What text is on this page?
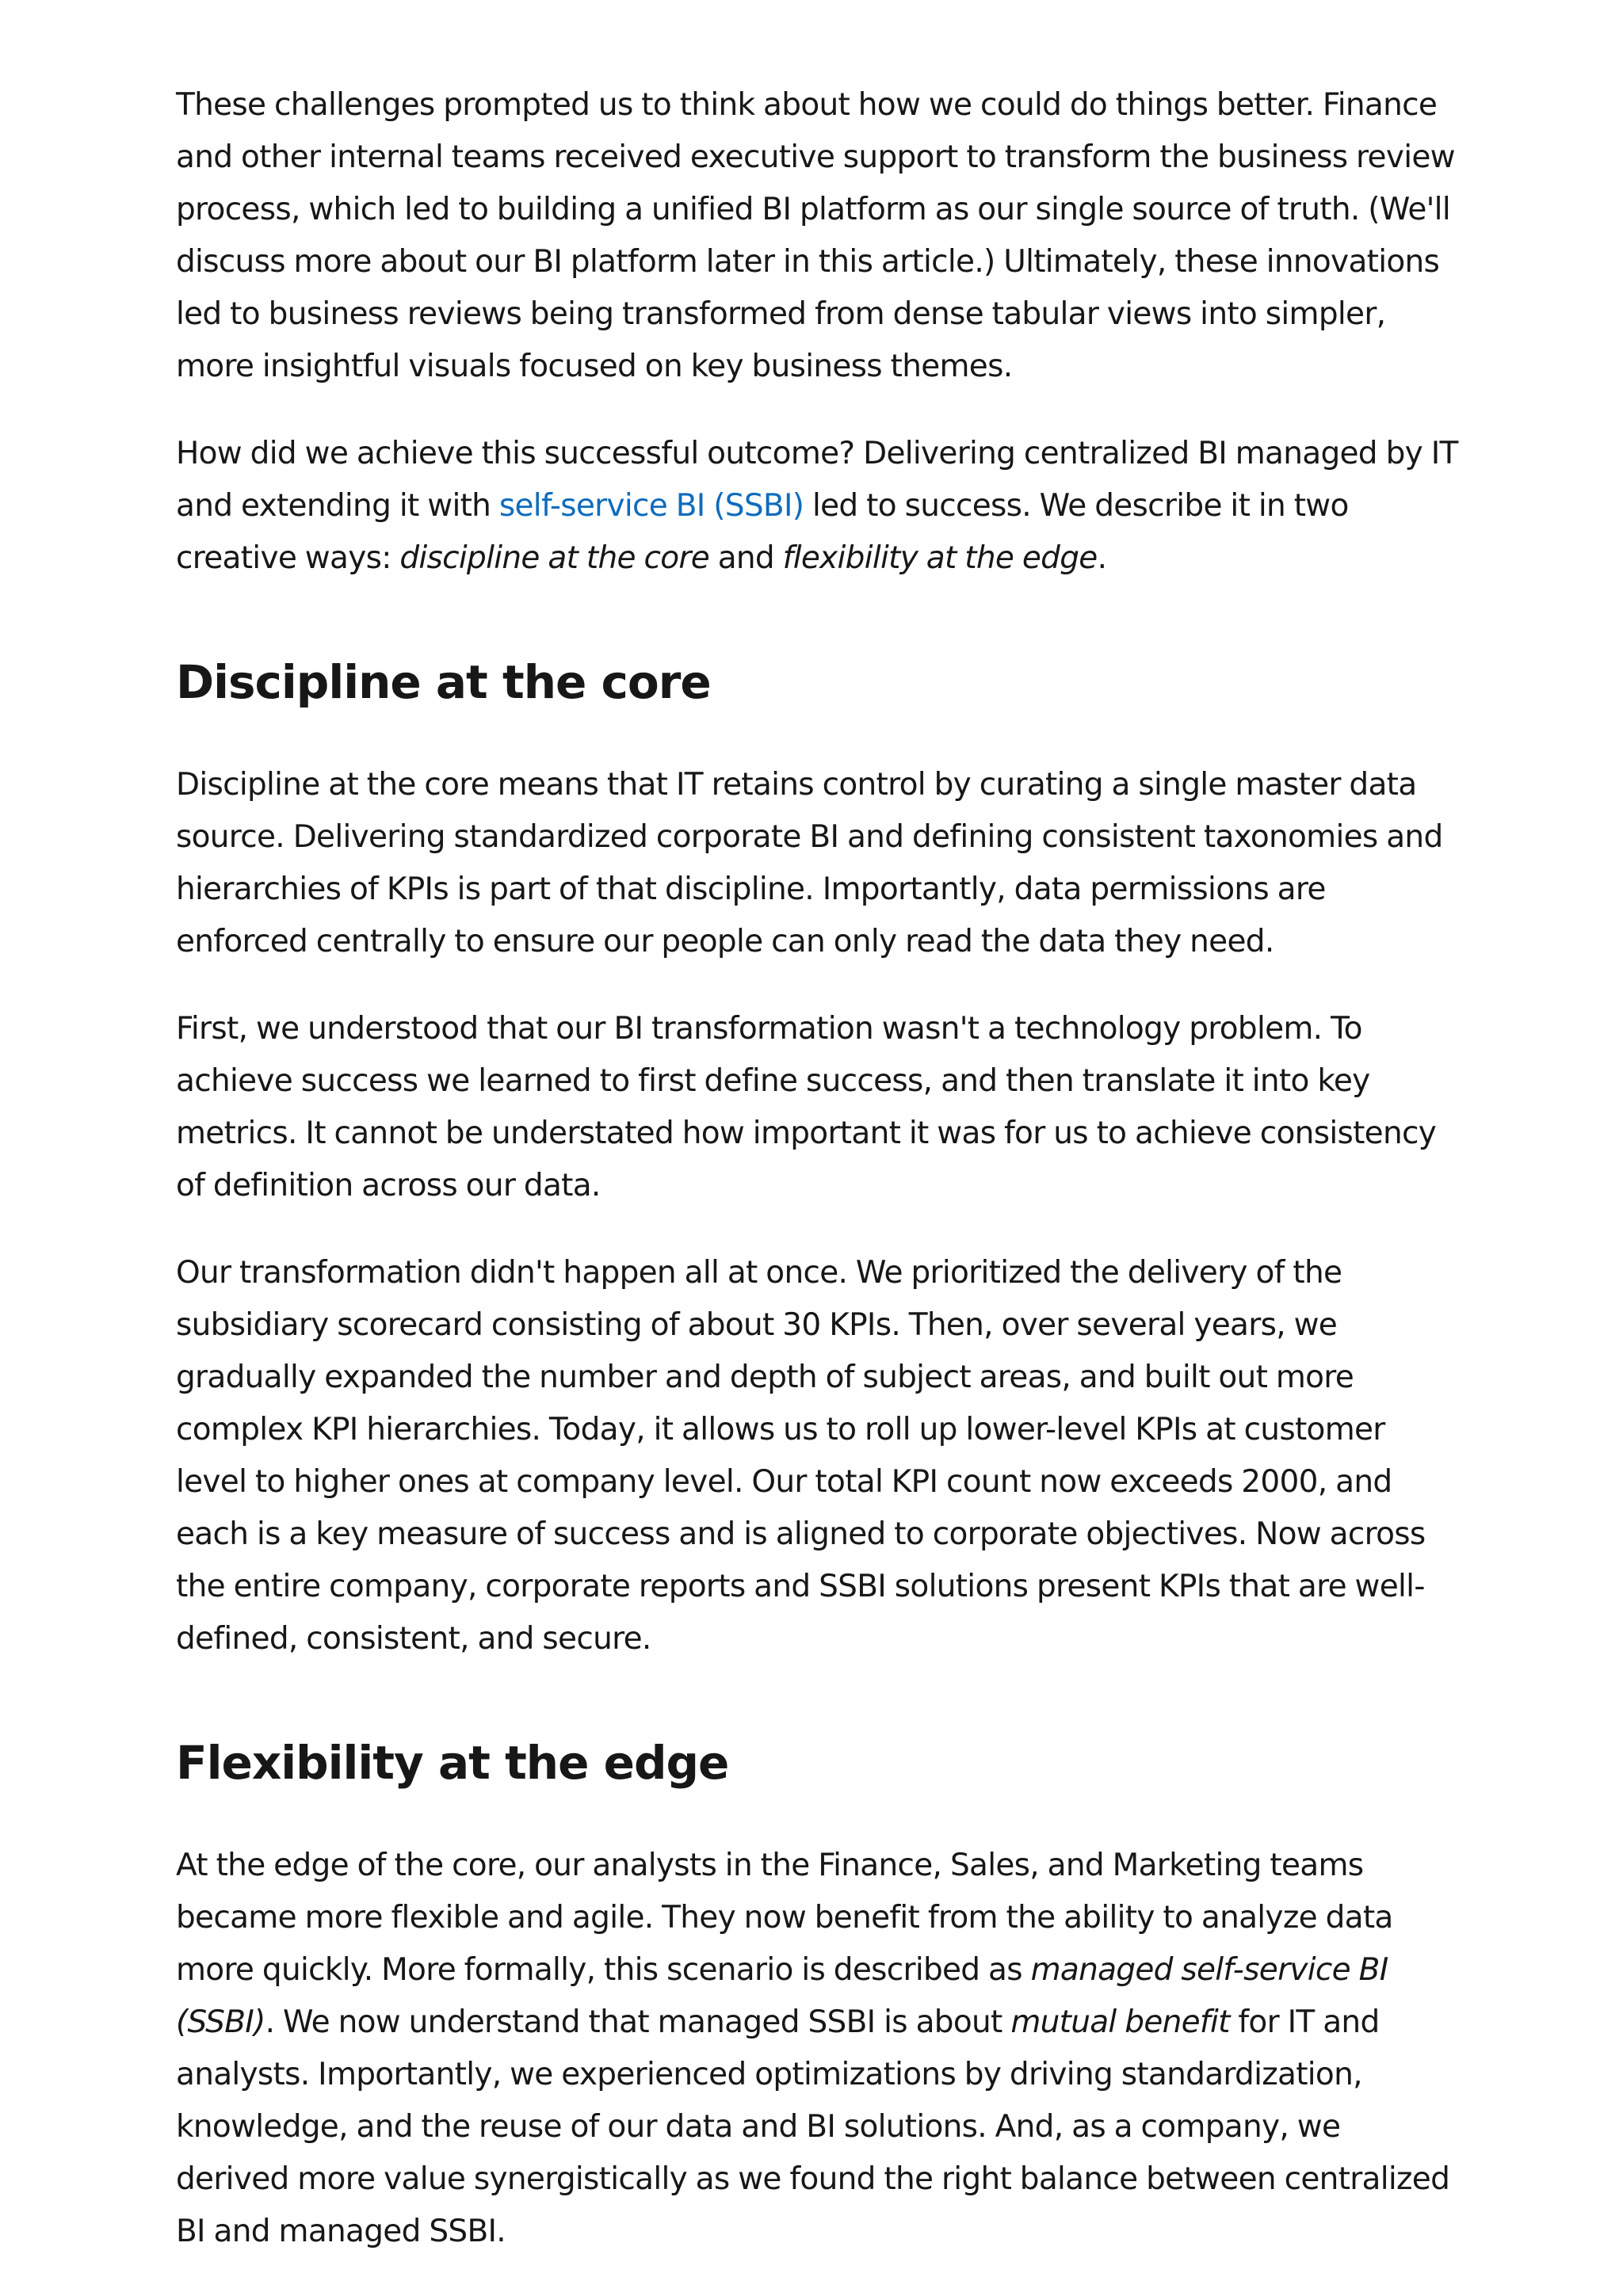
These challenges prompted us to think about how we could do things better. Finance and other internal teams received executive support to transform the business review process, which led to building a unified BI platform as our single source of truth. (We'll discuss more about our BI platform later in this article.) Ultimately, these innovations led to business reviews being transformed from dense tabular views into simpler, more insightful visuals focused on key business themes.

How did we achieve this successful outcome? Delivering centralized BI managed by IT and extending it with self-service BI (SSBI) led to success. We describe it in two creative ways: discipline at the core and flexibility at the edge.

Discipline at the core

Discipline at the core means that IT retains control by curating a single master data source. Delivering standardized corporate BI and defining consistent taxonomies and hierarchies of KPIs is part of that discipline. Importantly, data permissions are enforced centrally to ensure our people can only read the data they need.

First, we understood that our BI transformation wasn't a technology problem. To achieve success we learned to first define success, and then translate it into key metrics. It cannot be understated how important it was for us to achieve consistency of definition across our data.

Our transformation didn't happen all at once. We prioritized the delivery of the subsidiary scorecard consisting of about 30 KPIs. Then, over several years, we gradually expanded the number and depth of subject areas, and built out more complex KPI hierarchies. Today, it allows us to roll up lower-level KPIs at customer level to higher ones at company level. Our total KPI count now exceeds 2000, and each is a key measure of success and is aligned to corporate objectives. Now across the entire company, corporate reports and SSBI solutions present KPIs that are well-defined, consistent, and secure.

Flexibility at the edge

At the edge of the core, our analysts in the Finance, Sales, and Marketing teams became more flexible and agile. They now benefit from the ability to analyze data more quickly. More formally, this scenario is described as managed self-service BI (SSBI). We now understand that managed SSBI is about mutual benefit for IT and analysts. Importantly, we experienced optimizations by driving standardization, knowledge, and the reuse of our data and BI solutions. And, as a company, we derived more value synergistically as we found the right balance between centralized BI and managed SSBI.
